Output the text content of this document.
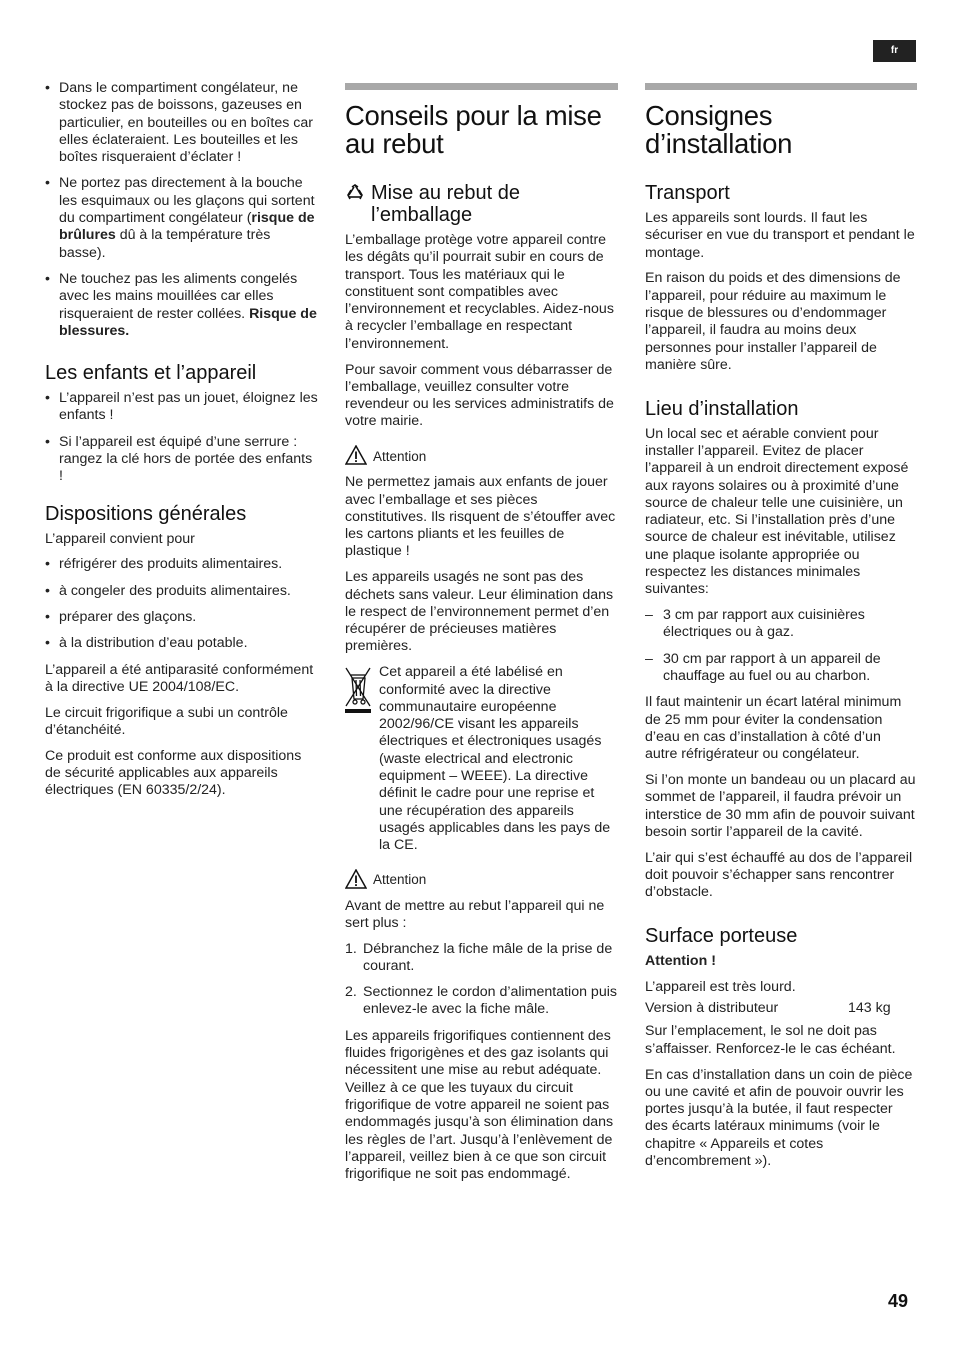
fr
• Dans le compartiment congélateur, ne stockez pas de boissons, gazeuses en particulier, en bouteilles ou en boîtes car elles éclateraient. Les bouteilles et les boîtes risqueraient d’éclater !
• Ne portez pas directement à la bouche les esquimaux ou les glaçons qui sortent du compartiment congélateur (risque de brûlures dû à la température très basse).
• Ne touchez pas les aliments congelés avec les mains mouillées car elles risqueraient de rester collées. Risque de blessures.
Les enfants et l’appareil
• L’appareil n’est pas un jouet, éloignez les enfants !
• Si l’appareil est équipé d’une serrure : rangez la clé hors de portée des enfants !
Dispositions générales

L’appareil convient pour

• réfrigérer des produits alimentaires.
• à congeler des produits alimentaires.
• préparer des glaçons.
• à la distribution d’eau potable.

L’appareil a été antiparasité conformément à la directive UE 2004/108/EC.

Le circuit frigorifique a subi un contrôle d’étanchéité.

Ce produit est conforme aux dispositions de sécurité applicables aux appareils électriques (EN 60335/2/24).

Conseils pour la mise au rebut
Mise au rebut de l’emballage

L’emballage protège votre appareil contre les dégâts qu’il pourrait subir en cours de transport. Tous les matériaux qui le constituent sont compatibles avec l’environnement et recyclables. Aidez-nous à recycler l’emballage en respectant l’environnement.

Pour savoir comment vous débarrasser de l’emballage, veuillez consulter votre revendeur ou les services administratifs de votre mairie.

Attention

Ne permettez jamais aux enfants de jouer avec l’emballage et ses pièces constitutives. Ils risquent de s’étouffer avec les cartons pliants et les feuilles de plastique !

Les appareils usagés ne sont pas des déchets sans valeur. Leur élimination dans le respect de l’environnement permet d’en récupérer de précieuses matières premières.

Cet appareil a été labélisé en conformité avec la directive communautaire européenne 2002/96/CE visant les appareils électriques et électroniques usagés (waste electrical and electronic equipment – WEEE). La directive définit le cadre pour une reprise et une récupération des appareils usagés applicables dans les pays de la CE.
Attention

Avant de mettre au rebut l’appareil qui ne sert plus :

1. Débranchez la fiche mâle de la prise de courant.
2. Sectionnez le cordon d’alimentation puis enlevez-le avec la fiche mâle.

Les appareils frigorifiques contiennent des fluides frigorigènes et des gaz isolants qui nécessitent une mise au rebut adéquate. Veillez à ce que les tuyaux du circuit frigorifique de votre appareil ne soient pas endommagés jusqu’à son élimination dans les règles de l’art. Jusqu’à l’enlèvement de l’appareil, veillez bien à ce que son circuit frigorifique ne soit pas endommagé.

Consignes d’installation
Transport

Les appareils sont lourds. Il faut les sécuriser en vue du transport et pendant le montage.

En raison du poids et des dimensions de l’appareil, pour réduire au maximum le risque de blessures ou d’endommager l’appareil, il faudra au moins deux personnes pour installer l’appareil de manière sûre.

Lieu d’installation

Un local sec et aérable convient pour installer l’appareil. Evitez de placer l’appareil à un endroit directement exposé aux rayons solaires ou à proximité d’une source de chaleur telle une cuisinière, un radiateur, etc. Si l’installation près d’une source de chaleur est inévitable, utilisez une plaque isolante appropriée ou respectez les distances minimales suivantes:

– 3 cm par rapport aux cuisinières électriques ou à gaz.
– 30 cm par rapport à un appareil de chauffage au fuel ou au charbon.

Il faut maintenir un écart latéral minimum de 25 mm pour éviter la condensation d’eau en cas d’installation à côté d’un autre réfrigérateur ou congélateur.

Si l’on monte un bandeau ou un placard au sommet de l’appareil, il faudra prévoir un interstice de 30 mm afin de pouvoir suivant besoin sortir l’appareil de la cavité.

L’air qui s’est échauffé au dos de l’appareil doit pouvoir s’échapper sans rencontrer d’obstacle.

Surface porteuse

Attention !

L’appareil est très lourd.

Version à distributeur	143 kg

Sur l’emplacement, le sol ne doit pas s’affaisser. Renforcez-le le cas échéant.

En cas d’installation dans un coin de pièce ou une cavité et afin de pouvoir ouvrir les portes jusqu’à la butée, il faut respecter des écarts latéraux minimums (voir le chapitre « Appareils et cotes d’encombrement »).

49
